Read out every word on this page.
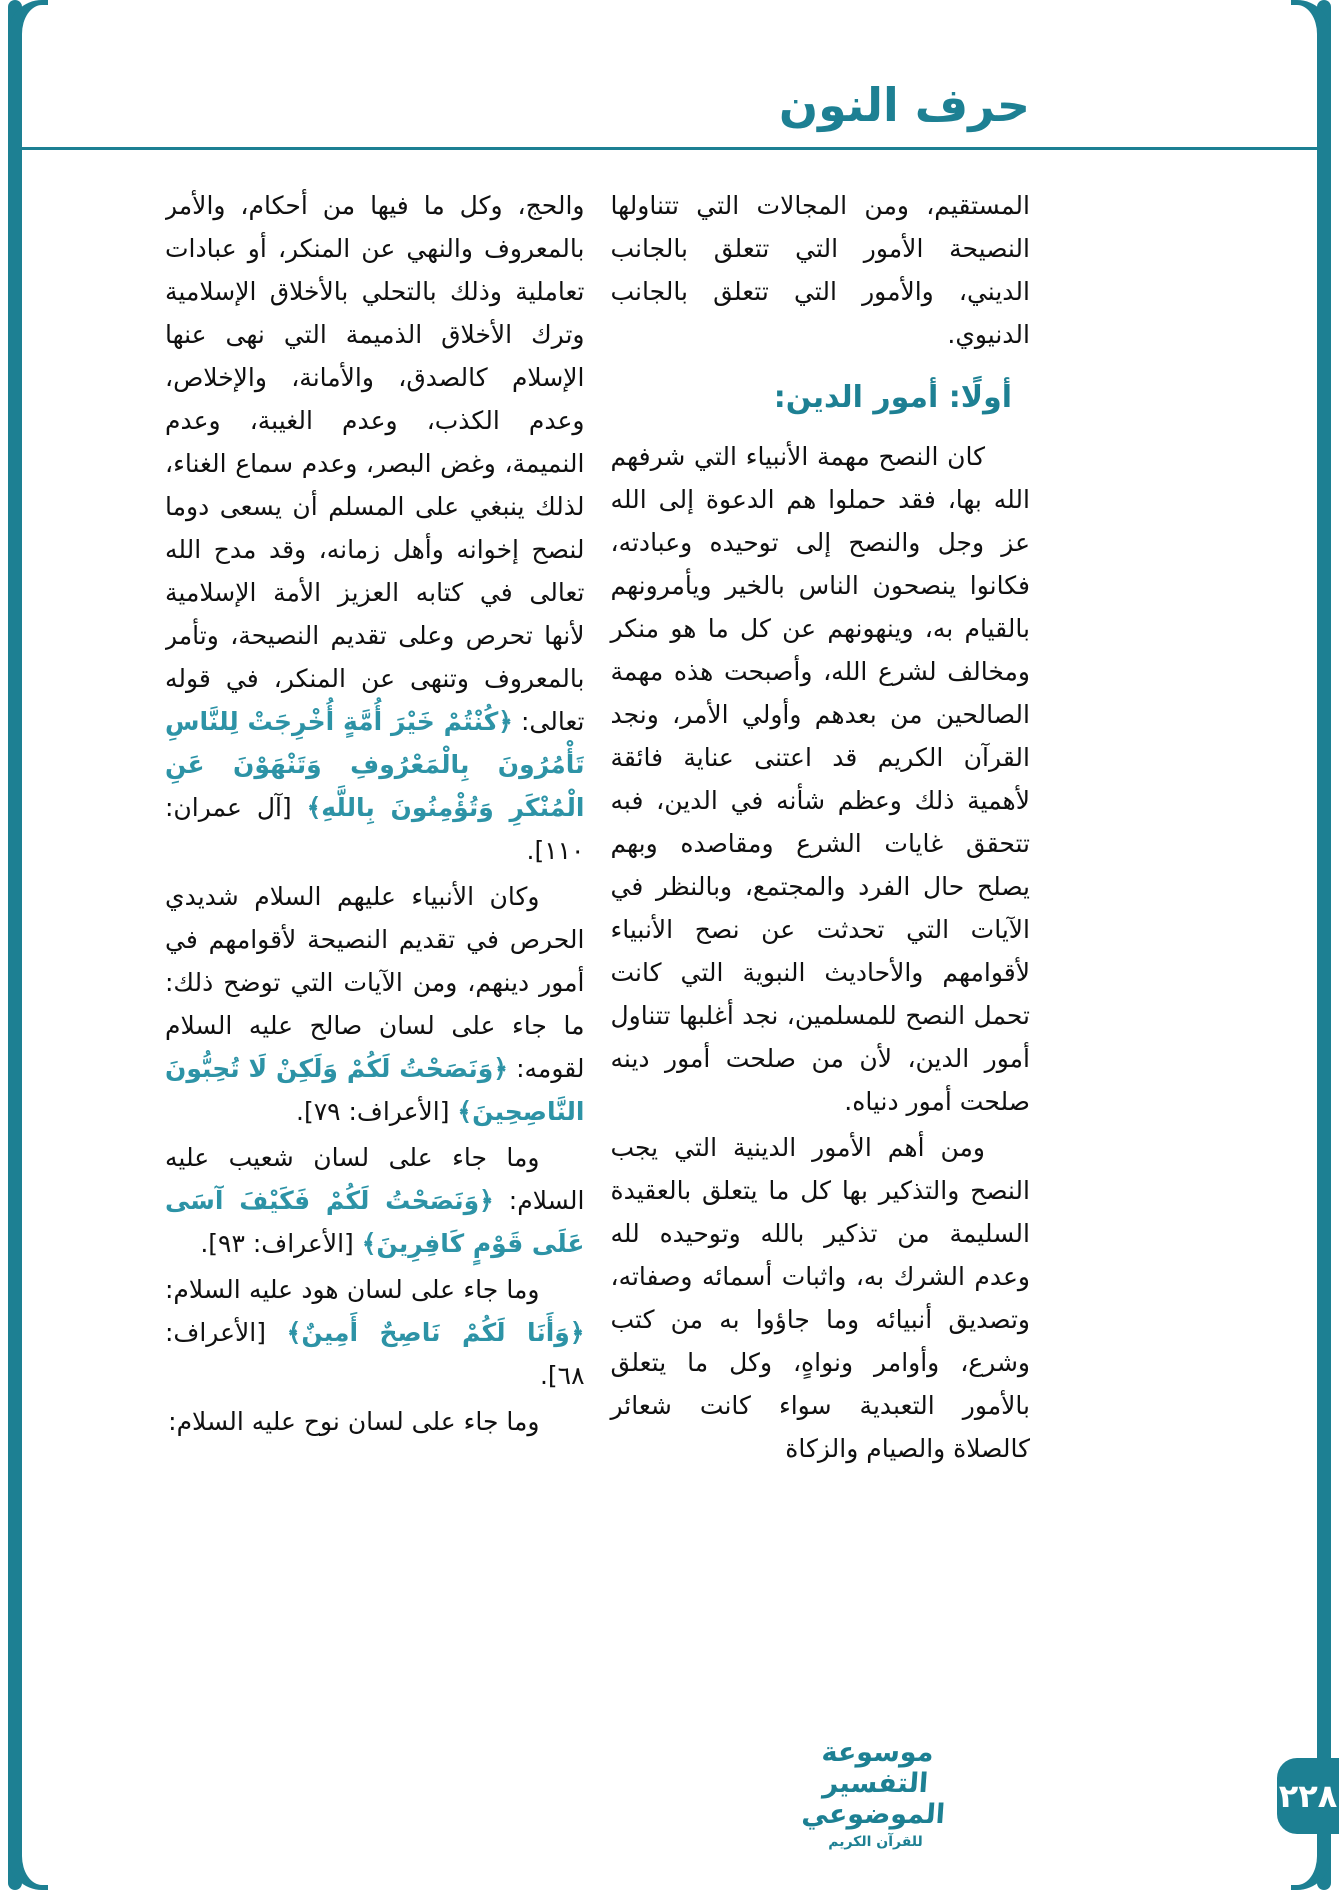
حرف النون

المستقيم، ومن المجالات التي تتناولها النصيحة الأمور التي تتعلق بالجانب الديني، والأمور التي تتعلق بالجانب الدنيوي.

أولًا: أمور الدين:

كان النصح مهمة الأنبياء التي شرفهم الله بها، فقد حملوا هم الدعوة إلى الله عز وجل والنصح إلى توحيده وعبادته، فكانوا ينصحون الناس بالخير ويأمرونهم بالقيام به، وينهونهم عن كل ما هو منكر ومخالف لشرع الله، وأصبحت هذه مهمة الصالحين من بعدهم وأولي الأمر، ونجد القرآن الكريم قد اعتنى عناية فائقة لأهمية ذلك وعظم شأنه في الدين، فبه تتحقق غايات الشرع ومقاصده وبهم يصلح حال الفرد والمجتمع، وبالنظر في الآيات التي تحدثت عن نصح الأنبياء لأقوامهم والأحاديث النبوية التي كانت تحمل النصح للمسلمين، نجد أغلبها تتناول أمور الدين، لأن من صلحت أمور دينه صلحت أمور دنياه.

ومن أهم الأمور الدينية التي يجب النصح والتذكير بها كل ما يتعلق بالعقيدة السليمة من تذكير بالله وتوحيده لله وعدم الشرك به، واثبات أسمائه وصفاته، وتصديق أنبيائه وما جاؤوا به من كتب وشرع، وأوامر ونواهٍ، وكل ما يتعلق بالأمور التعبدية سواء كانت شعائر كالصلاة والصيام والزكاة

والحج، وكل ما فيها من أحكام، والأمر بالمعروف والنهي عن المنكر، أو عبادات تعاملية وذلك بالتحلي بالأخلاق الإسلامية وترك الأخلاق الذميمة التي نهى عنها الإسلام كالصدق، والأمانة، والإخلاص، وعدم الكذب، وعدم الغيبة، وعدم النميمة، وغض البصر، وعدم سماع الغناء، لذلك ينبغي على المسلم أن يسعى دوما لنصح إخوانه وأهل زمانه، وقد مدح الله تعالى في كتابه العزيز الأمة الإسلامية لأنها تحرص وعلى تقديم النصيحة، وتأمر بالمعروف وتنهى عن المنكر، في قوله تعالى: ﴿كُنْتُمْ خَيْرَ أُمَّةٍ أُخْرِجَتْ لِلنَّاسِ تَأْمُرُونَ بِالْمَعْرُوفِ وَتَنْهَوْنَ عَنِ الْمُنْكَرِ وَتُؤْمِنُونَ بِاللَّهِ﴾ [آل عمران: ١١٠].

وكان الأنبياء عليهم السلام شديدي الحرص في تقديم النصيحة لأقوامهم في أمور دينهم، ومن الآيات التي توضح ذلك: ما جاء على لسان صالح عليه السلام لقومه: ﴿وَنَصَحْتُ لَكُمْ وَلَكِنْ لَا تُحِبُّونَ النَّاصِحِينَ﴾ [الأعراف: ٧٩].

وما جاء على لسان شعيب عليه السلام: ﴿وَنَصَحْتُ لَكُمْ فَكَيْفَ آسَى عَلَى قَوْمٍ كَافِرِينَ﴾ [الأعراف: ٩٣].

وما جاء على لسان هود عليه السلام: ﴿وَأَنَا لَكُمْ نَاصِحٌ أَمِينٌ﴾ [الأعراف: ٦٨].

وما جاء على لسان نوح عليه السلام:

موسوعة التفسير الموضوعي
للقرآن الكريم
٢٢٨
